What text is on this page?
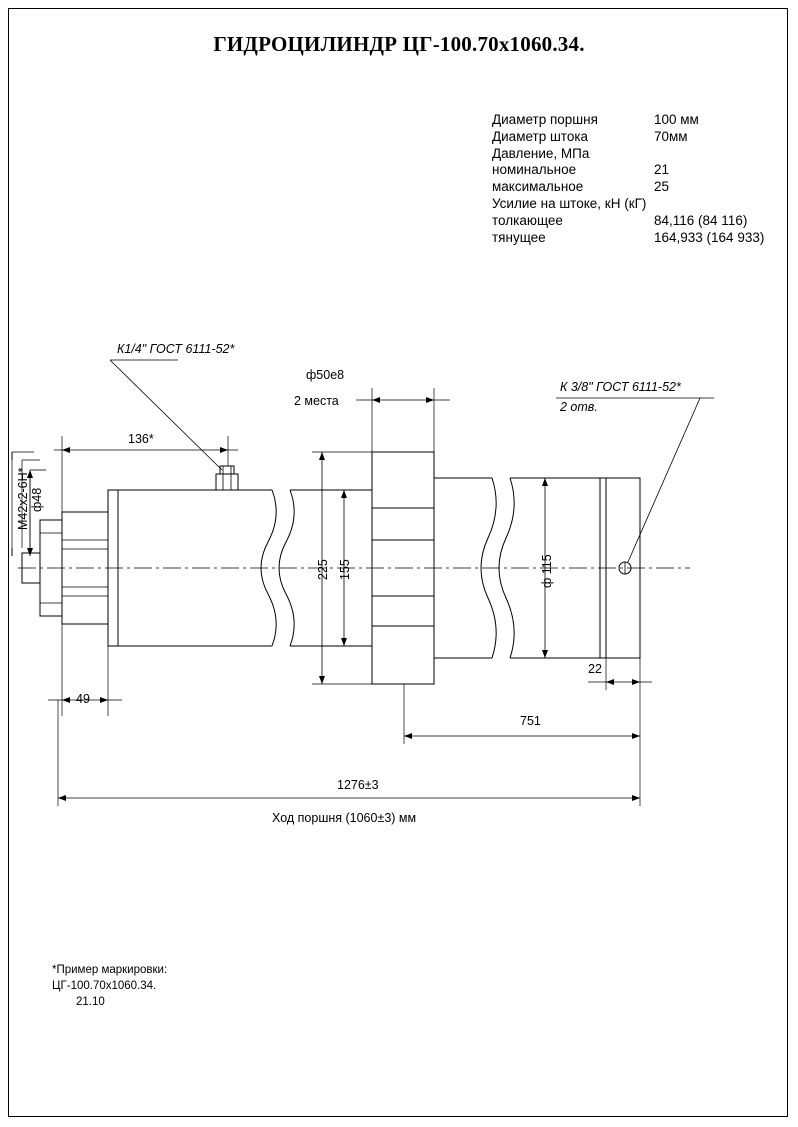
ГИДРОЦИЛИНДР ЦГ-100.70х1060.34.
Диаметр поршня	100 мм
Диаметр штока	70мм
Давление, МПа
номинальное	21
максимальное	25
Усилие на штоке, кН (кГ)
толкающее	84,116 (84 116)
тянущее	164,933 (164 933)
К1/4" ГОСТ 6111-52*
К 3/8" ГОСТ 6111-52*
2 отв.
ф50е8
2 места
М42х2-6Н* ф48
136*
49
225 155	ф 115
22
751
1276±3
Ход поршня (1060±3) мм
*Пример маркировки:
ЦГ-100.70х1060.34.
21.10
